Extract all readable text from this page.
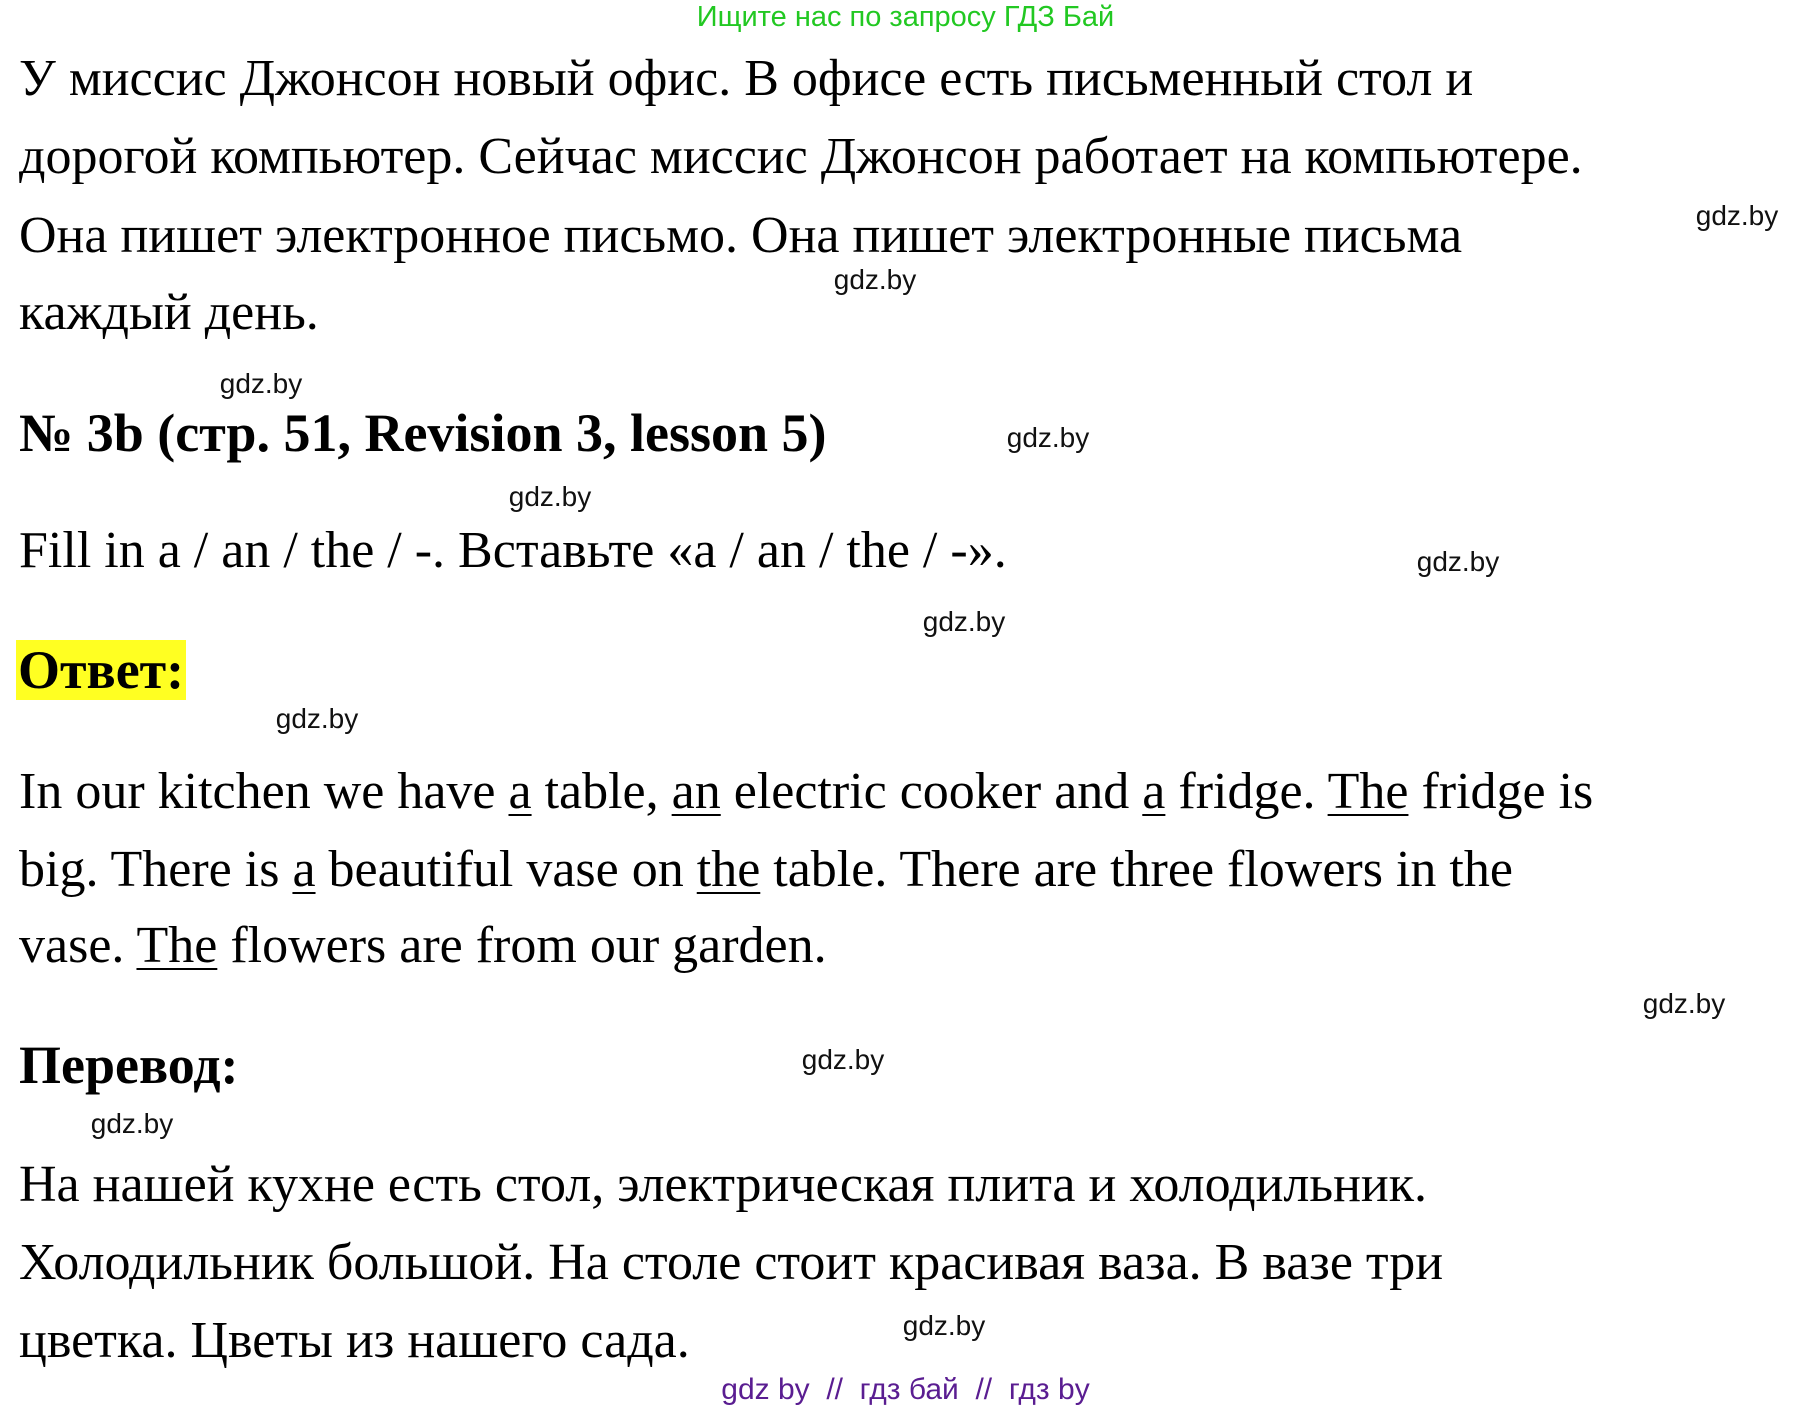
Ищите нас по запросу ГДЗ Бай
У миссис Джонсон новый офис. В офисе есть письменный стол и
дорогой компьютер. Сейчас миссис Джонсон работает на компьютере.
Она пишет электронное письмо. Она пишет электронные письма
каждый день.
№ 3b (стр. 51, Revision 3, lesson 5)
Fill in a / an / the / -. Вставьте «a / an / the / -».
Ответ:
In our kitchen we have a table, an electric cooker and a fridge. The fridge is
big. There is a beautiful vase on the table. There are three flowers in the
vase. The flowers are from our garden.
Перевод:
На нашей кухне есть стол, электрическая плита и холодильник.
Холодильник большой. На столе стоит красивая ваза. В вазе три
цветка. Цветы из нашего сада.
gdz.by
gdz.by
gdz.by
gdz.by
gdz.by
gdz.by
gdz.by
gdz.by
gdz.by
gdz.by
gdz.by
gdz.by
gdz by  //  гдз бай  //  гдз by
